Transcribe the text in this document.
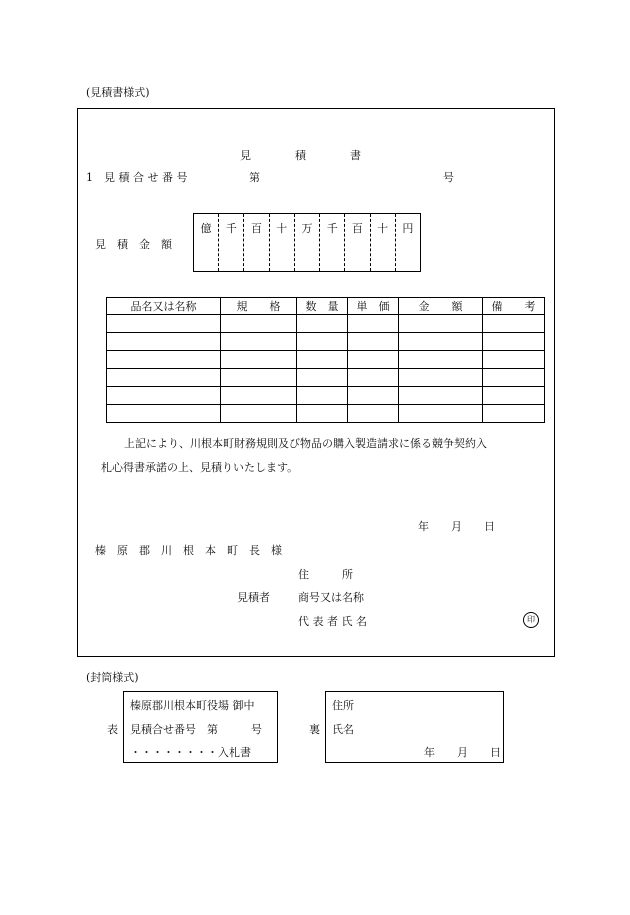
(見積書様式)
見　　　　積　　　　書
1　見 積 合 せ 番 号	第	号
見　積　金　額
億	千	百	十	万	千	百	十	円
品名又は名称	規　　格	数　量	単　価	金　　額	備　　考

上記により、川根本町財務規則及び物品の購入製造請求に係る競争契約入
札心得書承諾の上、見積りいたします。
年　　月　　日
榛　原　郡　川　根　本　町　長　様
住　　　所
見積者	商号又は名称
代 表 者 氏 名	印
(封筒様式)
表
榛原郡川根本町役場 御中
見積合せ番号　第　　　号
・・・・・・・・入札書
裏
住所
氏名
年　　月　　日
